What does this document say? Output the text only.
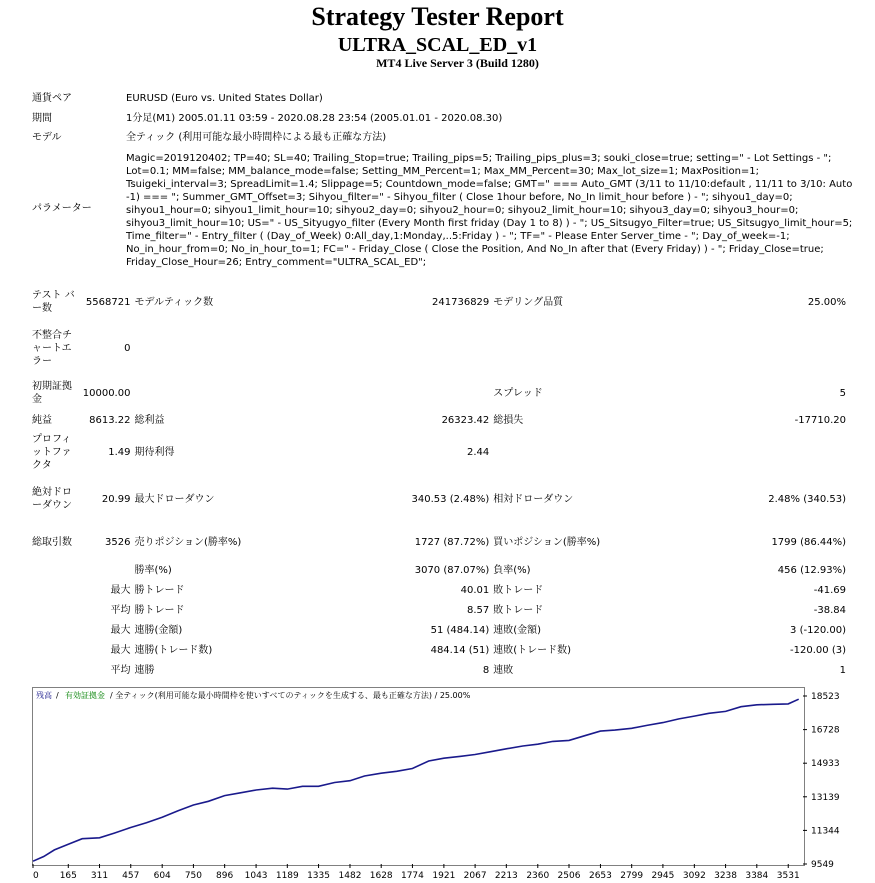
Strategy Tester Report
ULTRA_SCAL_ED_v1
MT4 Live Server 3 (Build 1280)
通貨ペア	EURUSD (Euro vs. United States Dollar)
期間	1分足(M1) 2005.01.11 03:59 - 2020.08.28 23:54 (2005.01.01 - 2020.08.30)
モデル	全ティック (利用可能な最小時間枠による最も正確な方法)
パラメーター
Magic=2019120402; TP=40; SL=40; Trailing_Stop=true; Trailing_pips=5; Trailing_pips_plus=3; souki_close=true; setting=" - Lot Settings - "; Lot=0.1; MM=false; MM_balance_mode=false; Setting_MM_Percent=1; Max_MM_Percent=30; Max_lot_size=1; MaxPosition=1; Tsuigeki_interval=3; SpreadLimit=1.4; Slippage=5; Countdown_mode=false; GMT=" === Auto_GMT (3/11 to 11/10:default , 11/11 to 3/10: Auto -1) === "; Summer_GMT_Offset=3; Sihyou_filter=" - Sihyou_filter ( Close 1hour before, No_In limit_hour before ) - "; sihyou1_day=0; sihyou1_hour=0; sihyou1_limit_hour=10; sihyou2_day=0; sihyou2_hour=0; sihyou2_limit_hour=10; sihyou3_day=0; sihyou3_hour=0; sihyou3_limit_hour=10; US=" - US_Sityugyo_filter (Every Month first friday (Day 1 to 8) ) - "; US_Sitsugyo_Filter=true; US_Sitsugyo_limit_hour=5; Time_filter=" - Entry_filter ( (Day_of_Week) 0:All_day,1:Monday,..5:Friday ) - "; TF=" - Please Enter Server_time - "; Day_of_week=-1; No_in_hour_from=0; No_in_hour_to=1; FC=" - Friday_Close ( Close the Position, And No_In after that (Every Friday) ) - "; Friday_Close=true; Friday_Close_Hour=26; Entry_comment="ULTRA_SCAL_ED";
テスト バー数	5568721	モデルティック数	241736829	モデリング品質	25.00%
不整合チャートエラー	0				
初期証拠金	10000.00			スプレッド	5
純益	8613.22	総利益	26323.42	総損失	-17710.20
プロフィットファクタ	1.49	期待利得	2.44		
絶対ドローダウン	20.99	最大ドローダウン	340.53 (2.48%)	相対ドローダウン	2.48% (340.53)
総取引数	3526	売りポジション(勝率%)	1727 (87.72%)	買いポジション(勝率%)	1799 (86.44%)
		勝率(%)	3070 (87.07%)	負率(%)	456 (12.93%)
	最大	勝トレード	40.01	敗トレード	-41.69
	平均	勝トレード	8.57	敗トレード	-38.84
	最大	連勝(金額)	51 (484.14)	連敗(金額)	3 (-120.00)
	最大	連勝(トレード数)	484.14 (51)	連敗(トレード数)	-120.00 (3)
	平均	連勝	8	連敗	1
残高 / 有効証拠金 / 全ティック(利用可能な最小時間枠を使いすべてのティックを生成する、最も正確な方法) / 25.00%	18523
16728
14933
13139
11344
9549
0 165 311 457 604 750 896 1043 1189 1335 1482 1628 1774 1921 2067 2213 2360 2506 2653 2799 2945 3092 3238 3384 3531
